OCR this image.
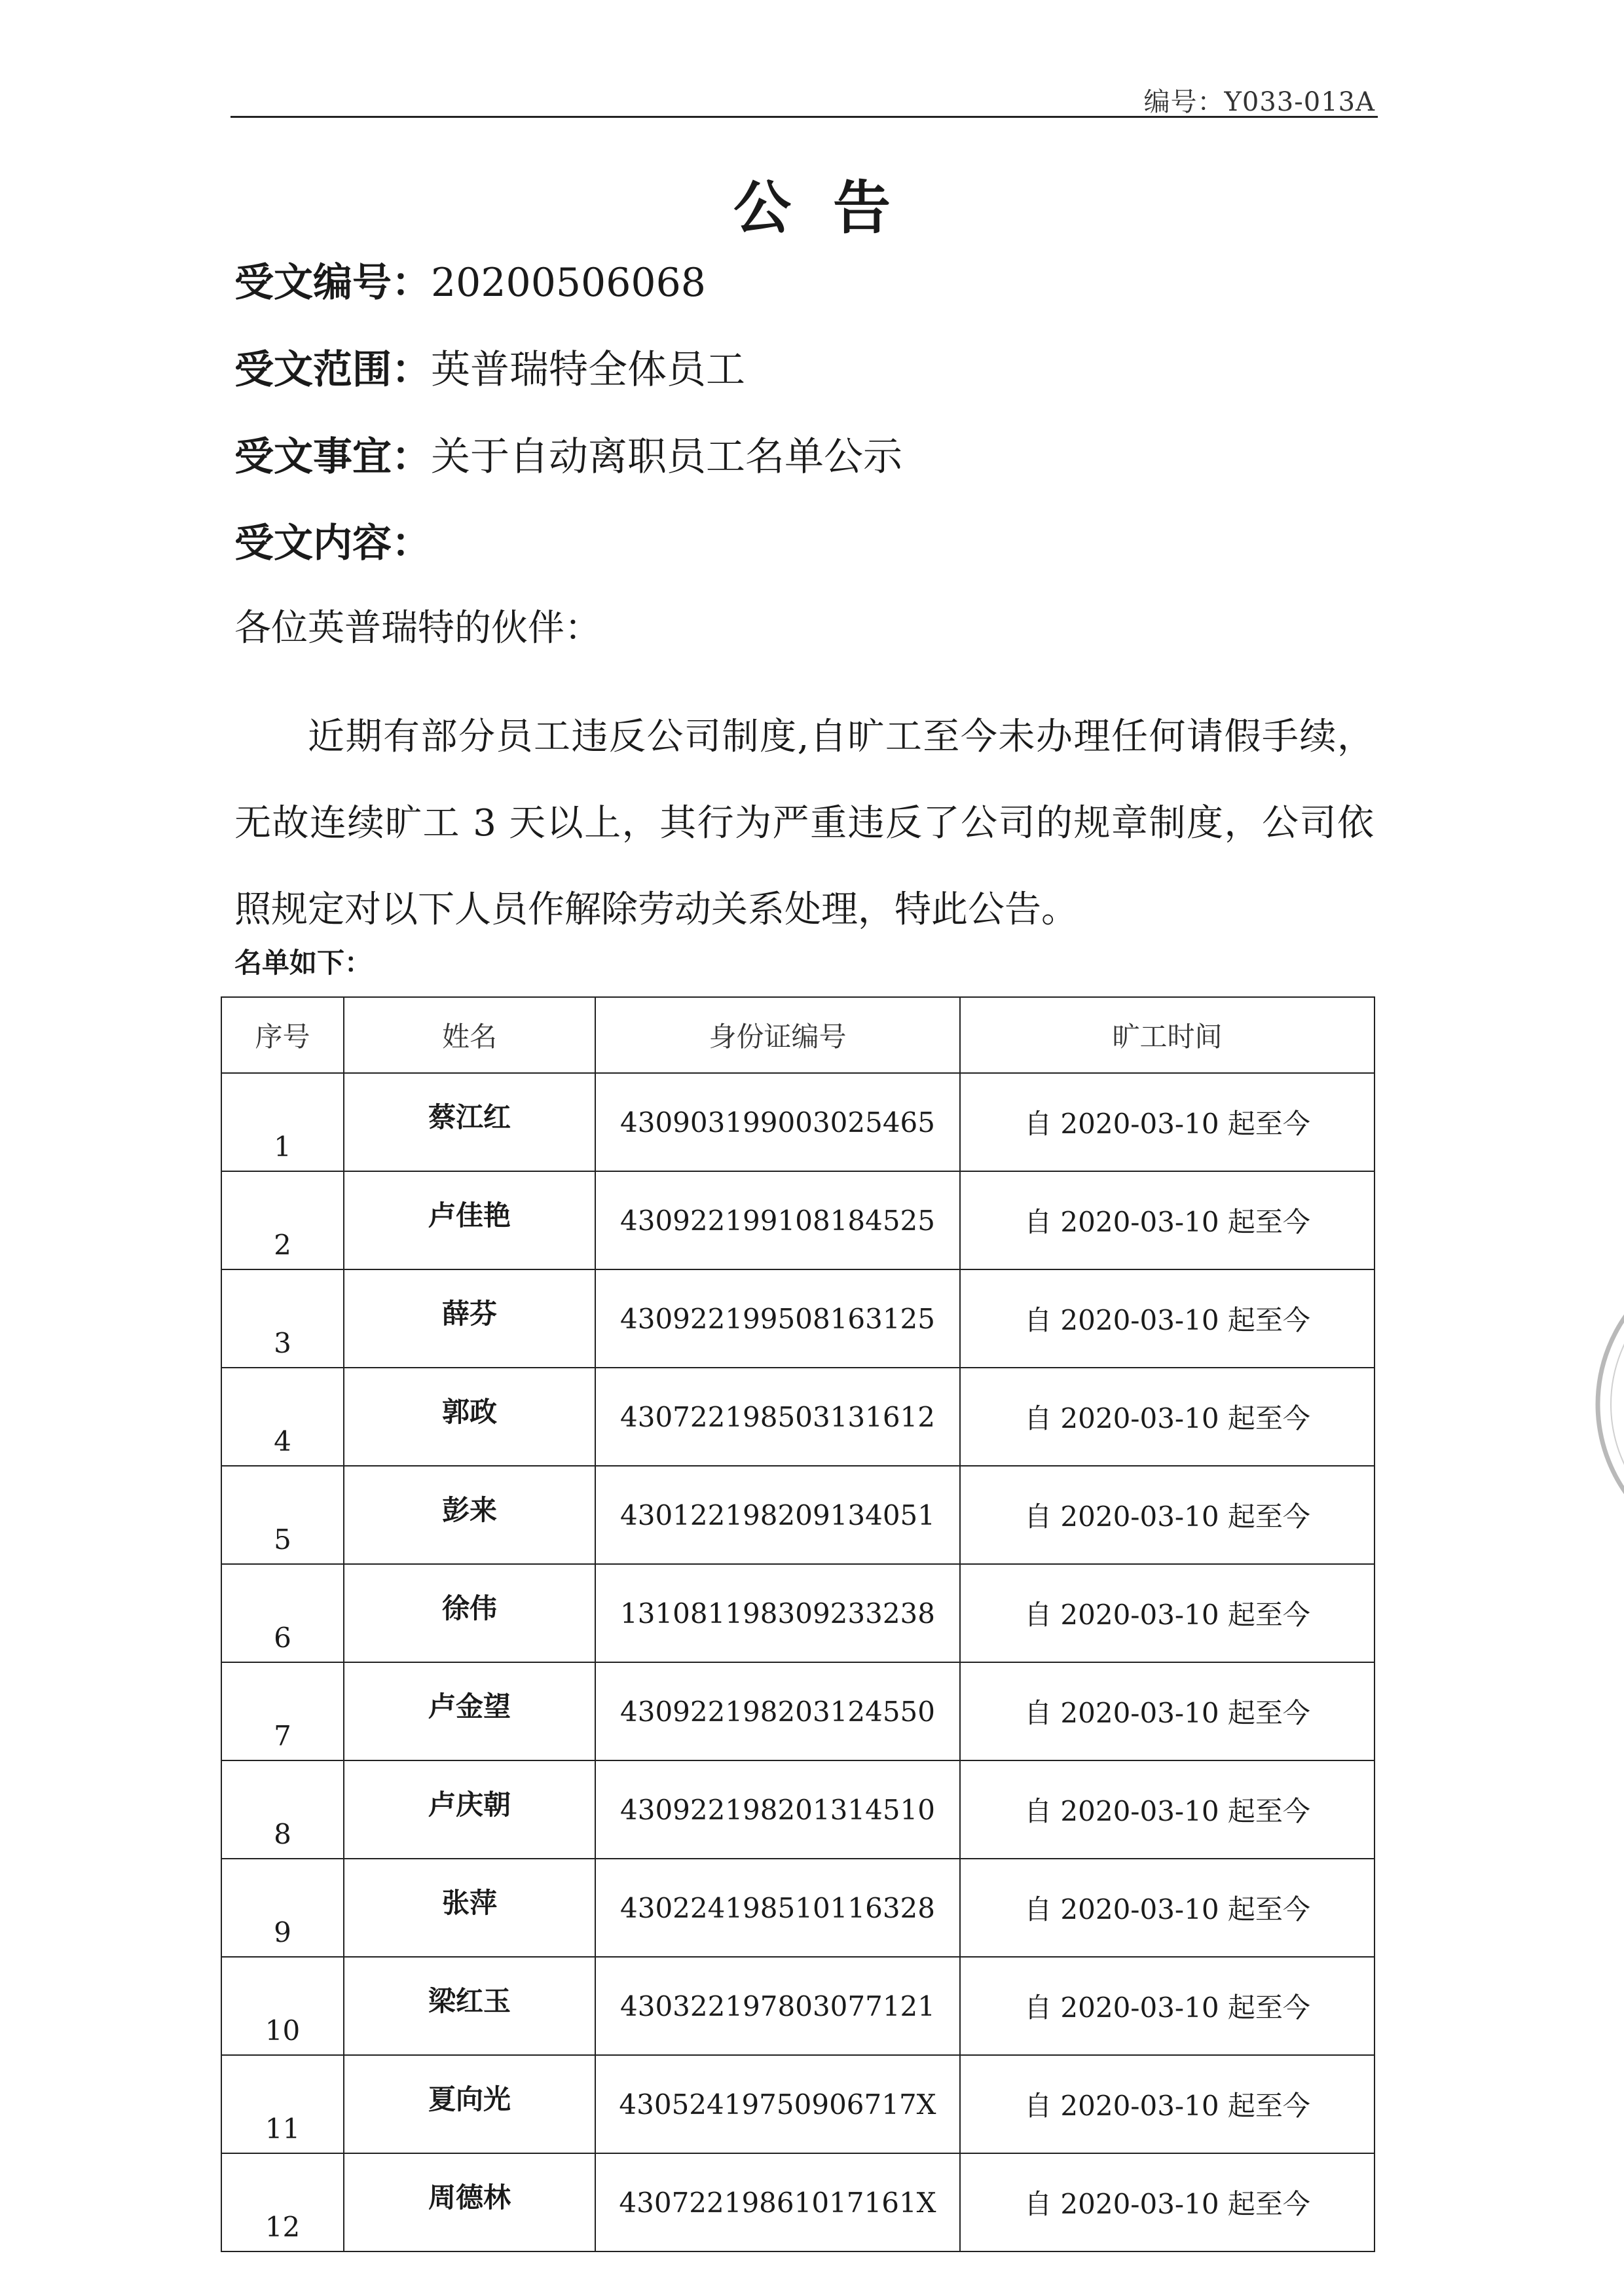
编号：Y033-013A
公告
受文编号：20200506068
受文范围：英普瑞特全体员工
受文事宜：关于自动离职员工名单公示
受文内容：
各位英普瑞特的伙伴：
近期有部分员工违反公司制度,自旷工至今未办理任何请假手续，无故连续旷工 3 天以上，其行为严重违反了公司的规章制度，公司依照规定对以下人员作解除劳动关系处理，特此公告。
名单如下：
序号	姓名	身份证编号	旷工时间
1	蔡江红	430903199003025465	自 2020-03-10 起至今
2	卢佳艳	430922199108184525	自 2020-03-10 起至今
3	薛芬	430922199508163125	自 2020-03-10 起至今
4	郭政	430722198503131612	自 2020-03-10 起至今
5	彭来	430122198209134051	自 2020-03-10 起至今
6	徐伟	131081198309233238	自 2020-03-10 起至今
7	卢金望	430922198203124550	自 2020-03-10 起至今
8	卢庆朝	430922198201314510	自 2020-03-10 起至今
9	张萍	430224198510116328	自 2020-03-10 起至今
10	梁红玉	430322197803077121	自 2020-03-10 起至今
11	夏向光	43052419750906717X	自 2020-03-10 起至今
12	周德林	43072219861017161X	自 2020-03-10 起至今
